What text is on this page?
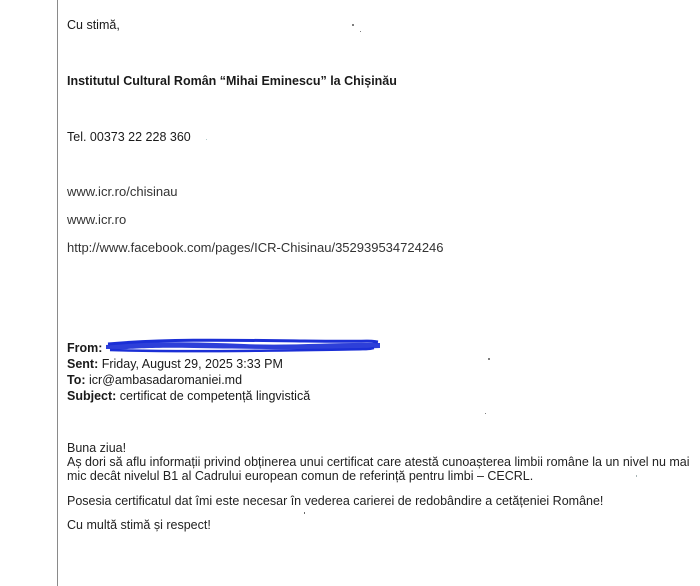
Cu stimă,
Institutul Cultural Român “Mihai Eminescu” la Chișinău
Tel. 00373 22 228 360
www.icr.ro/chisinau
www.icr.ro
http://www.facebook.com/pages/ICR-Chisinau/352939534724246
From:
Sent: Friday, August 29, 2025 3:33 PM
To: icr@ambasadaromaniei.md
Subject: certificat de competență lingvistică
Buna ziua!
Aș dori să aflu informații privind obținerea unui certificat care atestă cunoașterea limbii române la un nivel nu mai
mic decât nivelul B1 al Cadrului european comun de referință pentru limbi – CECRL.
Posesia certificatul dat îmi este necesar în vederea carierei de redobândire a cetățeniei Române!
Cu multă stimă și respect!
